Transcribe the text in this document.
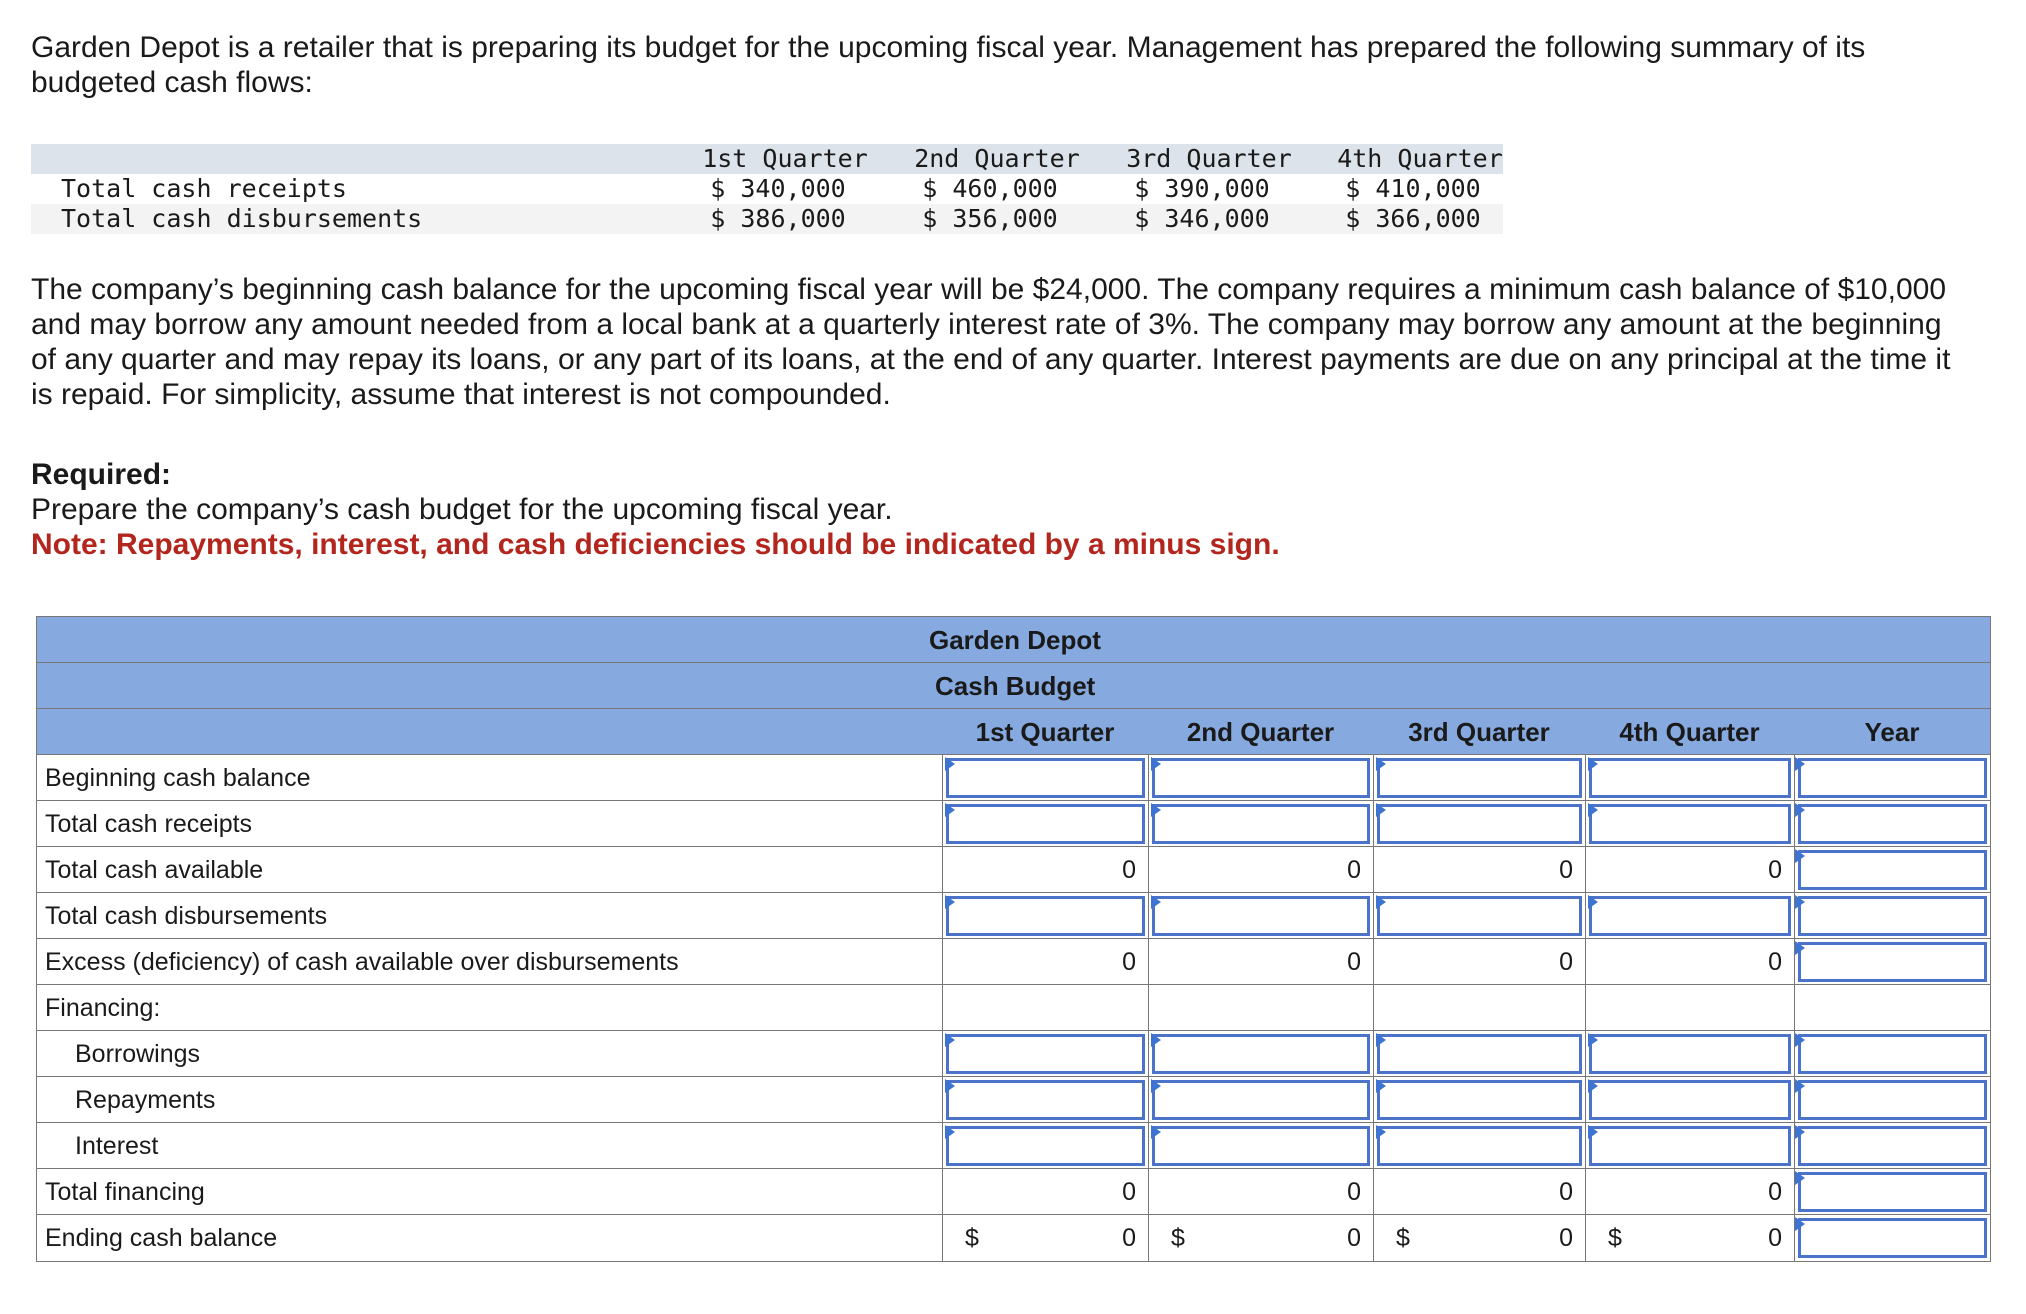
Garden Depot is a retailer that is preparing its budget for the upcoming fiscal year. Management has prepared the following summary of its budgeted cash flows:

1st Quarter	2nd Quarter	3rd Quarter	4th Quarter
Total cash receipts	$ 340,000	$ 460,000	$ 390,000	$ 410,000
Total cash disbursements	$ 386,000	$ 356,000	$ 346,000	$ 366,000

The company’s beginning cash balance for the upcoming fiscal year will be $24,000. The company requires a minimum cash balance of $10,000 and may borrow any amount needed from a local bank at a quarterly interest rate of 3%. The company may borrow any amount at the beginning of any quarter and may repay its loans, or any part of its loans, at the end of any quarter. Interest payments are due on any principal at the time it is repaid. For simplicity, assume that interest is not compounded.

Required:
Prepare the company’s cash budget for the upcoming fiscal year.
Note: Repayments, interest, and cash deficiencies should be indicated by a minus sign.
Garden Depot
Cash Budget
1st Quarter	2nd Quarter	3rd Quarter	4th Quarter	Year
Beginning cash balance
Total cash receipts
Total cash available	0	0	0	0
Total cash disbursements
Excess (deficiency) of cash available over disbursements	0	0	0	0
Financing:
Borrowings
Repayments
Interest
Total financing	0	0	0	0
Ending cash balance	$	0 $	0 $	0 $	0
